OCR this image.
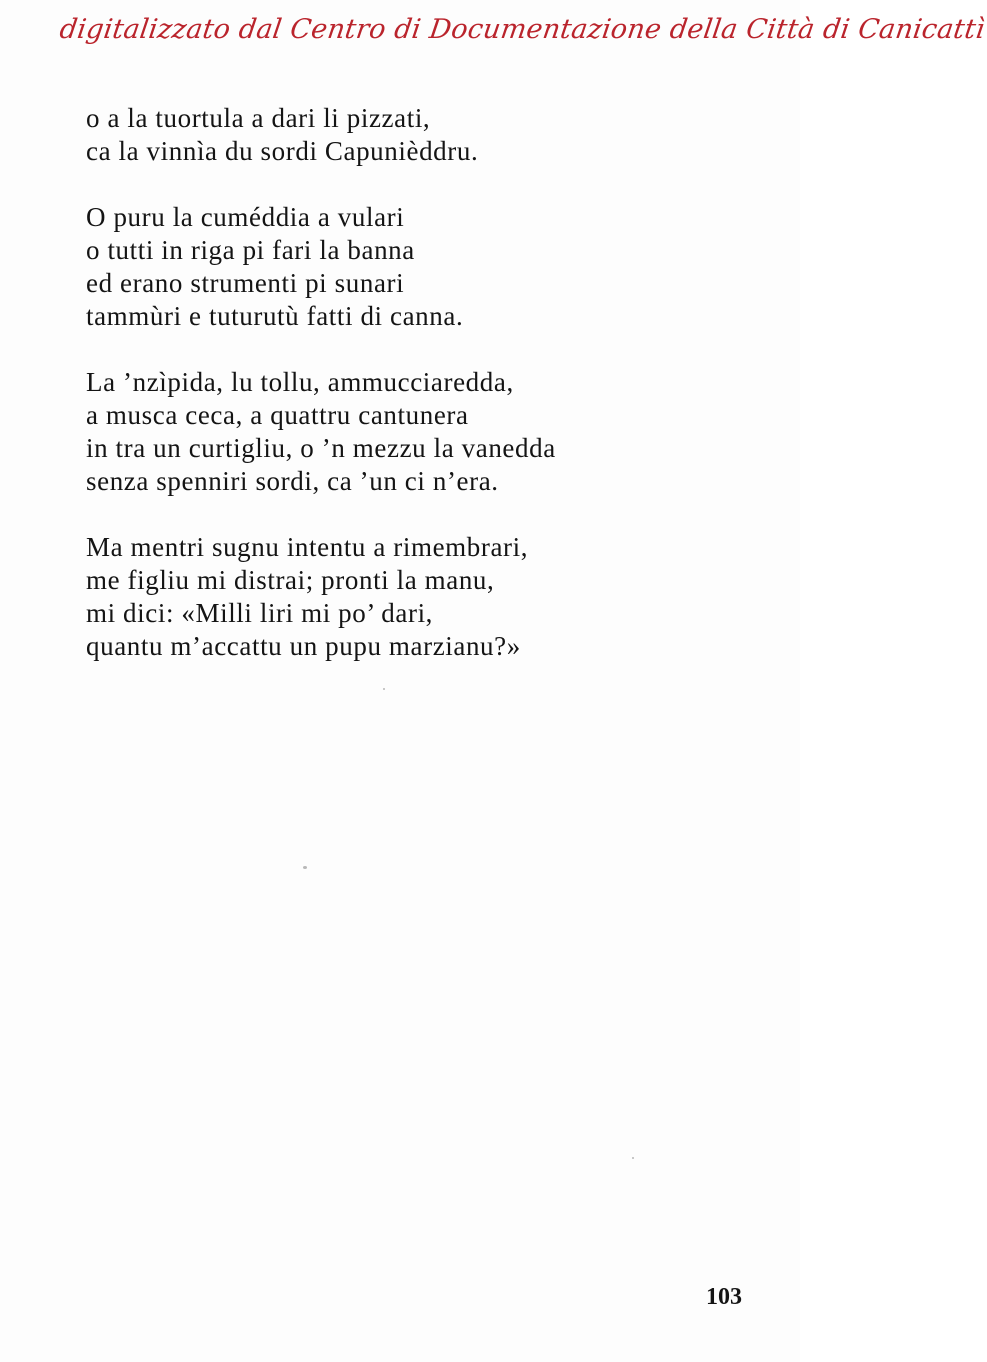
digitalizzato dal Centro di Documentazione della Città di Canicattì
o a la tuortula a dari li pizzati,
ca la vinnìa du sordi Capunièddru.
O puru la cuméddia a vulari
o tutti in riga pi fari la banna
ed erano strumenti pi sunari
tammùri e tuturutù fatti di canna.
La ’nzìpida, lu tollu, ammucciaredda,
a musca ceca, a quattru cantunera
in tra un curtigliu, o ’n mezzu la vanedda
senza spenniri sordi, ca ’un ci n’era.
Ma mentri sugnu intentu a rimembrari,
me figliu mi distrai; pronti la manu,
mi dici: «Milli liri mi po’ dari,
quantu m’accattu un pupu marzianu?»
103
